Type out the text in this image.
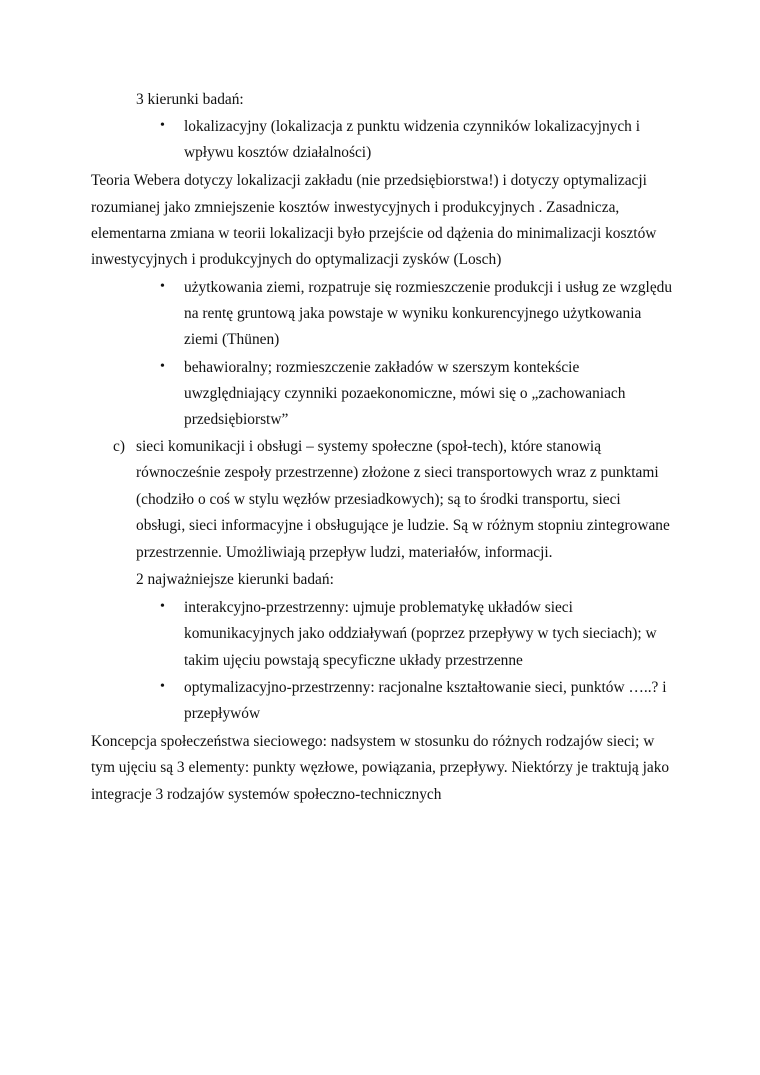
3 kierunki badań:
• lokalizacyjny (lokalizacja z punktu widzenia czynników lokalizacyjnych i
wpływu kosztów działalności)
Teoria Webera dotyczy lokalizacji zakładu (nie przedsiębiorstwa!) i dotyczy optymalizacji
rozumianej jako zmniejszenie kosztów inwestycyjnych i produkcyjnych . Zasadnicza,
elementarna zmiana w teorii lokalizacji było przejście od dążenia do minimalizacji kosztów
inwestycyjnych i produkcyjnych do optymalizacji zysków (Losch)
• użytkowania ziemi, rozpatruje się rozmieszczenie produkcji i usług ze względu
na rentę gruntową jaka powstaje w wyniku konkurencyjnego użytkowania
ziemi (Thünen)
• behawioralny; rozmieszczenie zakładów w szerszym kontekście
uwzględniający czynniki pozaekonomiczne, mówi się o „zachowaniach
przedsiębiorstw”
c) sieci komunikacji i obsługi – systemy społeczne (społ-tech), które stanowią
równocześnie zespoły przestrzenne) złożone z sieci transportowych wraz z punktami
(chodziło o coś w stylu węzłów przesiadkowych); są to środki transportu, sieci
obsługi, sieci informacyjne i obsługujące je ludzie. Są w różnym stopniu zintegrowane
przestrzennie. Umożliwiają przepływ ludzi, materiałów, informacji.
2 najważniejsze kierunki badań:
• interakcyjno-przestrzenny: ujmuje problematykę układów sieci
komunikacyjnych jako oddziaływań (poprzez przepływy w tych sieciach); w
takim ujęciu powstają specyficzne układy przestrzenne
• optymalizacyjno-przestrzenny: racjonalne kształtowanie sieci, punktów …..? i
przepływów
Koncepcja społeczeństwa sieciowego: nadsystem w stosunku do różnych rodzajów sieci; w
tym ujęciu są 3 elementy: punkty węzłowe, powiązania, przepływy. Niektórzy je traktują jako
integracje 3 rodzajów systemów społeczno-technicznych
